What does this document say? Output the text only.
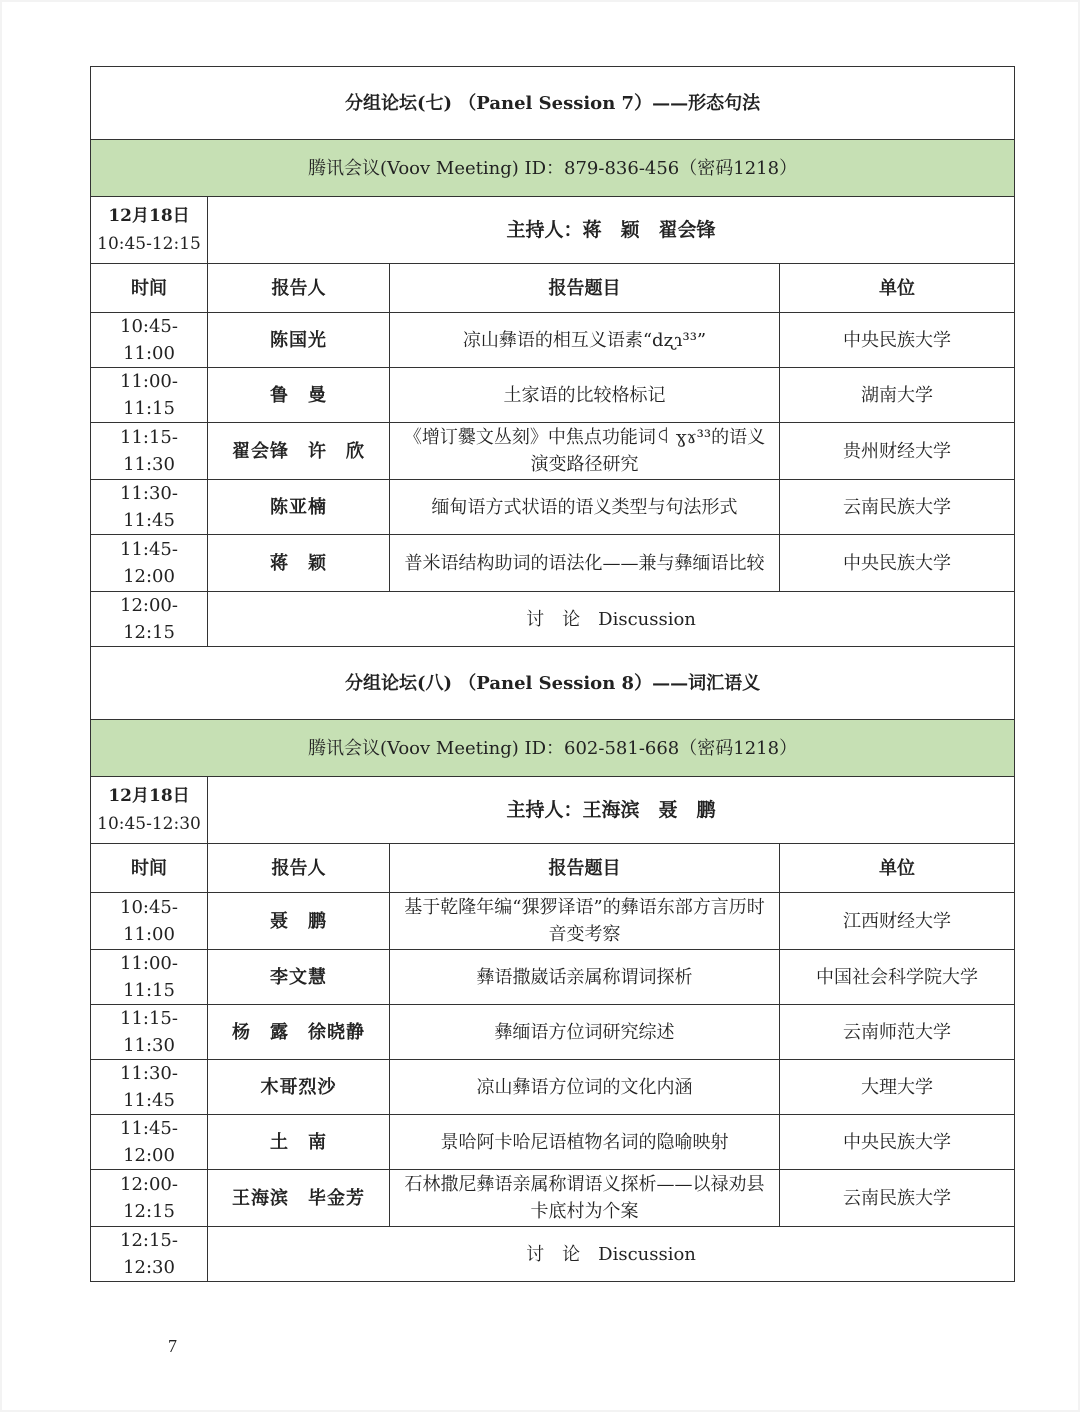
分组论坛(七) （Panel Session 7）——形态句法			
腾讯会议(Voov Meeting) ID：879-836-456（密码1218）			

12月18日
10:45-12:15	主持人：蒋　颖　翟会锋		
时间	报告人	报告题目	单位
10:45-11:00	陈国光	凉山彝语的相互义语素“dʐɿ³³”	中央民族大学
11:00-11:15	鲁　曼	土家语的比较格标记	湖南大学
11:15-11:30	翟会锋　许　欣	《增订爨文丛刻》中焦点功能词ꒉ ɣɤ³³的语义演变路径研究	贵州财经大学
11:30-11:45	陈亚楠	缅甸语方式状语的语义类型与句法形式	云南民族大学
11:45-12:00	蒋　颖	普米语结构助词的语法化——兼与彝缅语比较	中央民族大学
12:00-12:15	讨　论　Discussion		
分组论坛(八) （Panel Session 8）——词汇语义			
腾讯会议(Voov Meeting) ID：602-581-668（密码1218）			

12月18日
10:45-12:30	主持人：王海滨　聂　鹏		
时间	报告人	报告题目	单位
10:45-11:00	聂　鹏	基于乾隆年编“猓猡译语”的彝语东部方言历时音变考察	江西财经大学
11:00-11:15	李文慧	彝语撒崴话亲属称谓词探析	中国社会科学院大学
11:15-11:30	杨　露　徐晓静	彝缅语方位词研究综述	云南师范大学
11:30-11:45	木哥烈沙	凉山彝语方位词的文化内涵	大理大学
11:45-12:00	土　南	景哈阿卡哈尼语植物名词的隐喻映射	中央民族大学
12:00-12:15	王海滨　毕金芳	石林撒尼彝语亲属称谓语义探析——以禄劝县卡底村为个案	云南民族大学
12:15-12:30	讨　论　Discussion		
7
